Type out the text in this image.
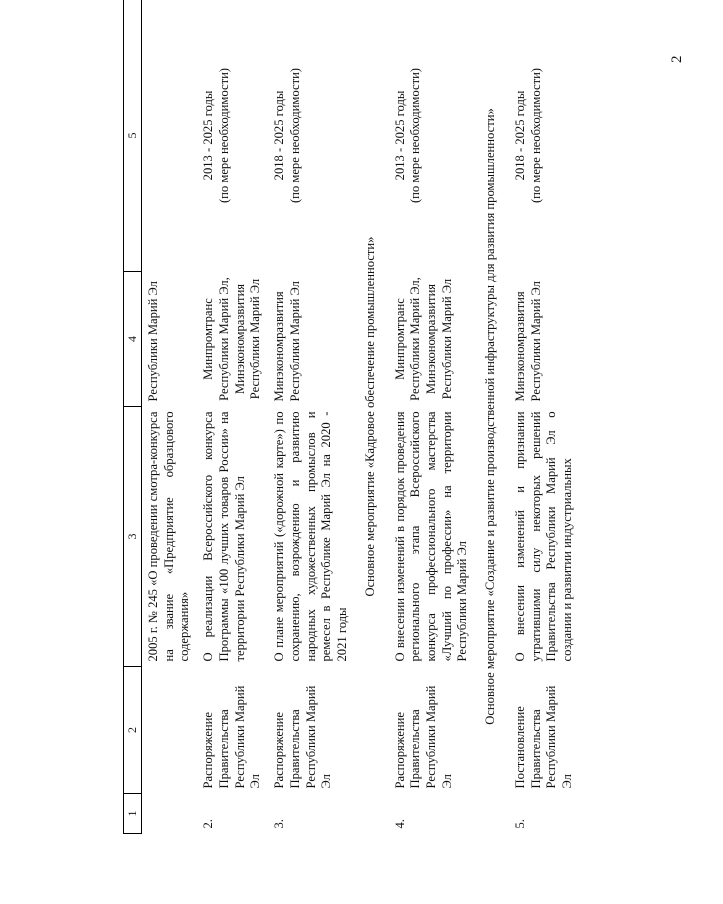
2
1	2	3	4	5
		2005 г. № 245 «О проведении смотра-конкурса на звание «Предприятие образцового содержания»	Республики Марий Эл	
2.	Распоряжение Правительства Республики Марий Эл	О реализации Всероссийского конкурса Программы «100 лучших товаров России» на территории Республики Марий Эл	Минпромтранс Республики Марий Эл, Минэкономразвития Республики Марий Эл	2013 - 2025 годы (по мере необходимости)

3.	Распоряжение Правительства Республики Марий Эл	О плане мероприятий («дорожной карте») по сохранению, возрождению и развитию народных художественных промыслов и ремесел в Республике Марий Эл на 2020 - 2021 годы	Минэкономразвития Республики Марий Эл	2018 - 2025 годы (по мере необходимости)

Основное мероприятие «Кадровое обеспечение промышленности»				
4.	Распоряжение Правительства Республики Марий Эл	О внесении изменений в порядок проведения регионального этапа Всероссийского конкурса профессионального мастерства «Лучший по профессии» на территории Республики Марий Эл	Минпромтранс Республики Марий Эл, Минэкономразвития Республики Марий Эл	2013 - 2025 годы (по мере необходимости)

Основное мероприятие «Создание и развитие производственной инфраструктуры для развития промышленности»				
5.	Постановление Правительства Республики Марий Эл	О внесении изменений и признании утратившими силу некоторых решений Правительства Республики Марий Эл о создании и развитии индустриальных	Минэкономразвития Республики Марий Эл	2018 - 2025 годы (по мере необходимости)
